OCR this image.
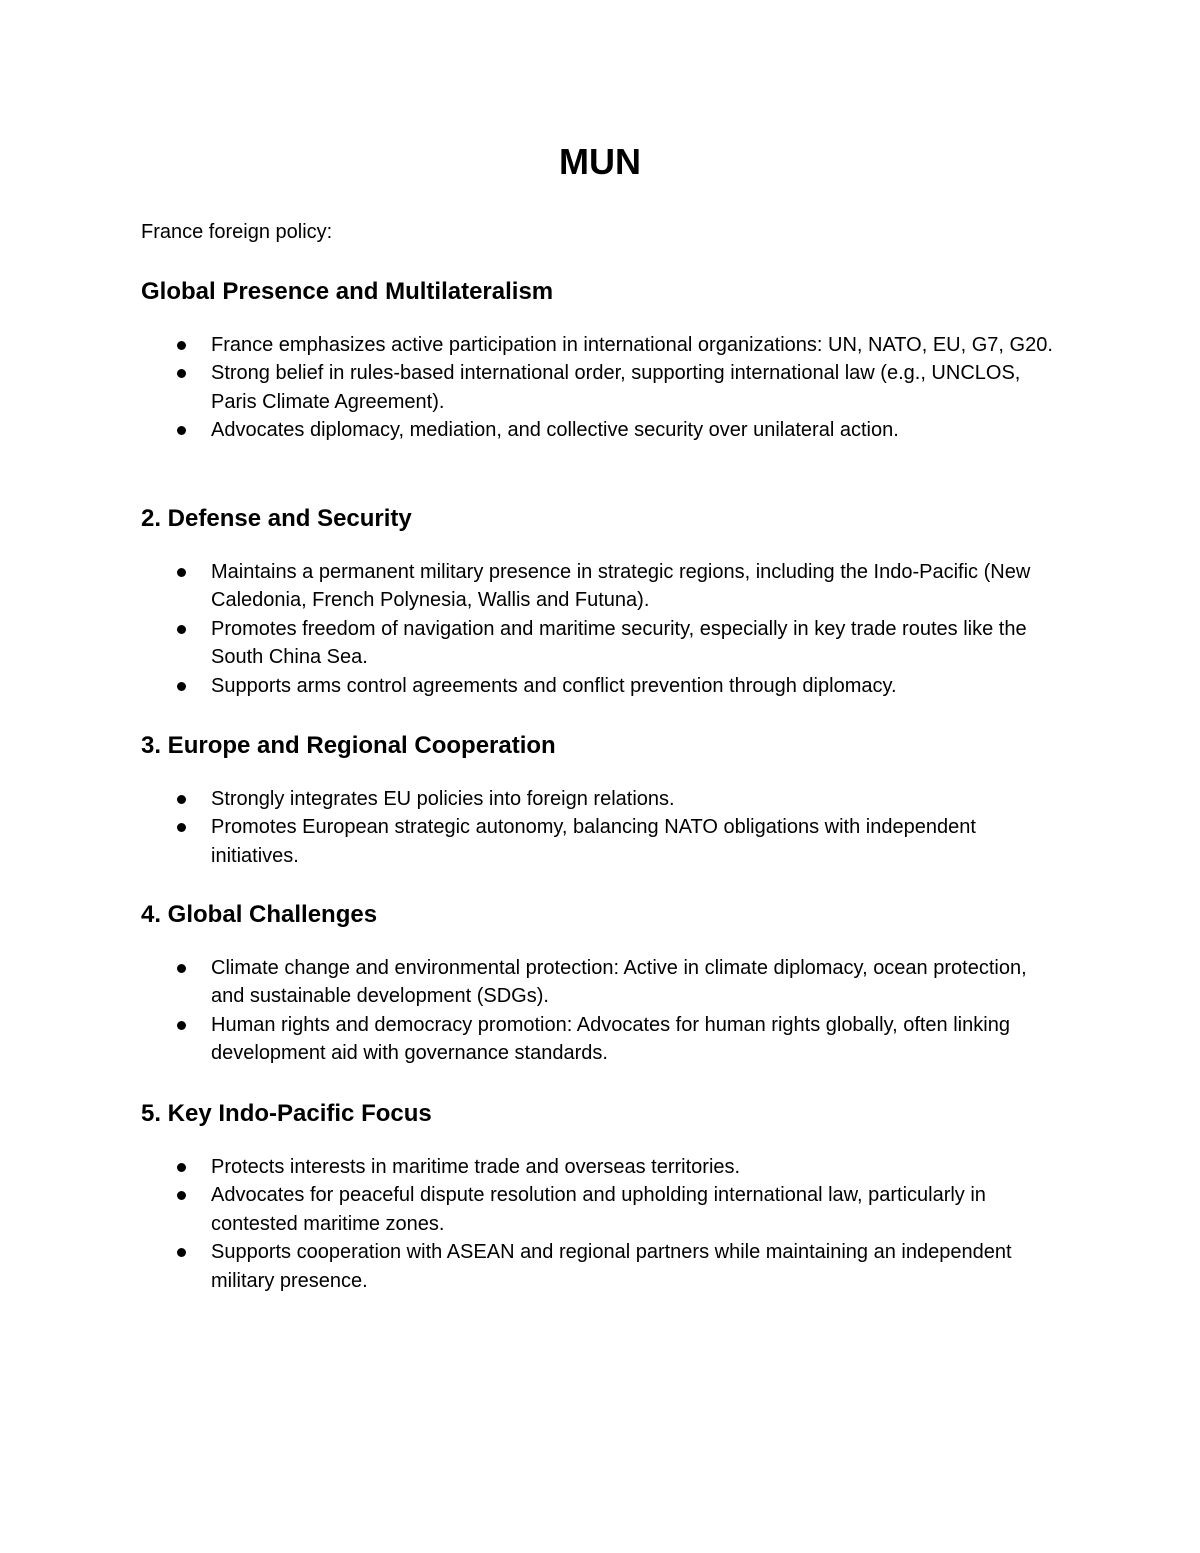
MUN

France foreign policy:

Global Presence and Multilateralism
France emphasizes active participation in international organizations: UN, NATO, EU, G7, G20.
Strong belief in rules-based international order, supporting international law (e.g., UNCLOS, Paris Climate Agreement).
Advocates diplomacy, mediation, and collective security over unilateral action.
2. Defense and Security
Maintains a permanent military presence in strategic regions, including the Indo-Pacific (New Caledonia, French Polynesia, Wallis and Futuna).
Promotes freedom of navigation and maritime security, especially in key trade routes like the South China Sea.
Supports arms control agreements and conflict prevention through diplomacy.
3. Europe and Regional Cooperation
Strongly integrates EU policies into foreign relations.
Promotes European strategic autonomy, balancing NATO obligations with independent initiatives.
4. Global Challenges
Climate change and environmental protection: Active in climate diplomacy, ocean protection, and sustainable development (SDGs).
Human rights and democracy promotion: Advocates for human rights globally, often linking development aid with governance standards.
5. Key Indo-Pacific Focus
Protects interests in maritime trade and overseas territories.
Advocates for peaceful dispute resolution and upholding international law, particularly in contested maritime zones.
Supports cooperation with ASEAN and regional partners while maintaining an independent military presence.
